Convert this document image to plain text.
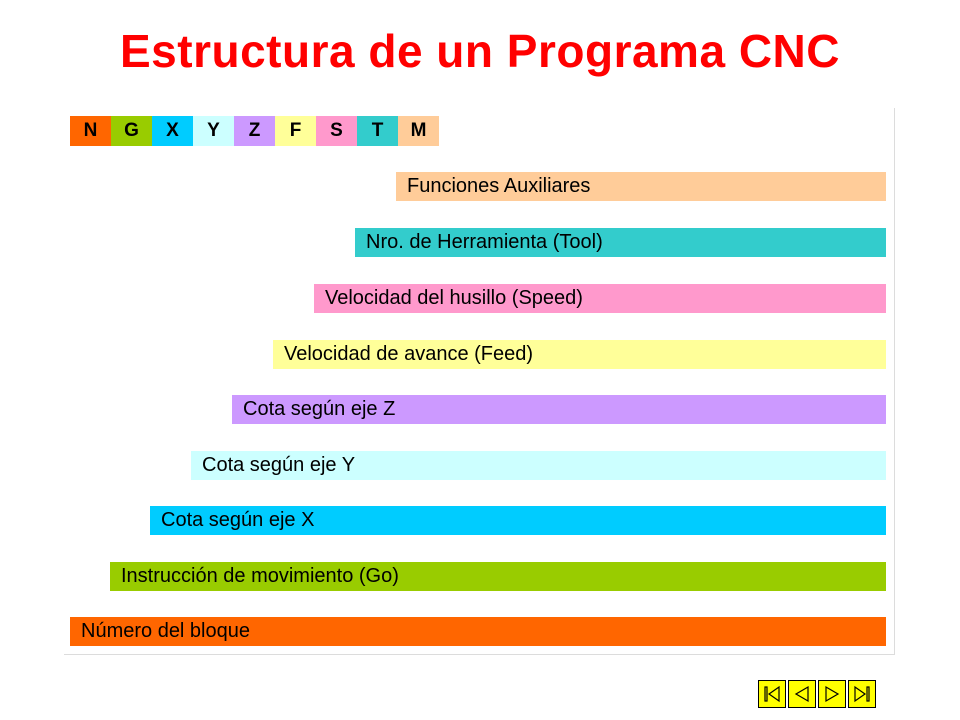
Estructura de un Programa CNC
N	G	X	Y	Z	F	S	T	M
Funciones Auxiliares
Nro. de Herramienta (Tool)
Velocidad del husillo (Speed)
Velocidad de avance (Feed)
Cota según eje Z
Cota según eje Y
Cota según eje X
Instrucción de movimiento (Go)
Número del bloque
